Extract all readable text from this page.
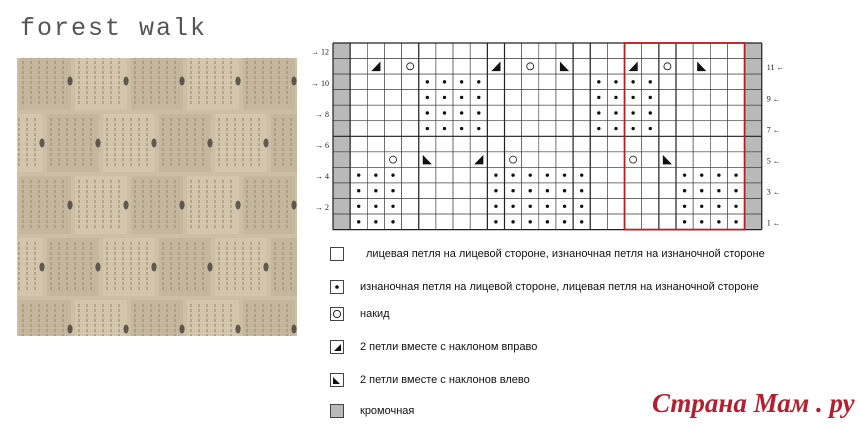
forest walk
→ 12
→ 10
→ 8
→ 6
→ 4
→ 2
11 ←
9 ←
7 ←
5 ←
3 ←
1 ←
лицевая петля на лицевой стороне, изнаночная петля на изнаночной стороне
изнаночная петля на лицевой стороне, лицевая петля на изнаночной стороне
накид
2 петли вместе с наклоном вправо
2 петли вместе с наклонов влево
кромочная	Страна Мам . ру
